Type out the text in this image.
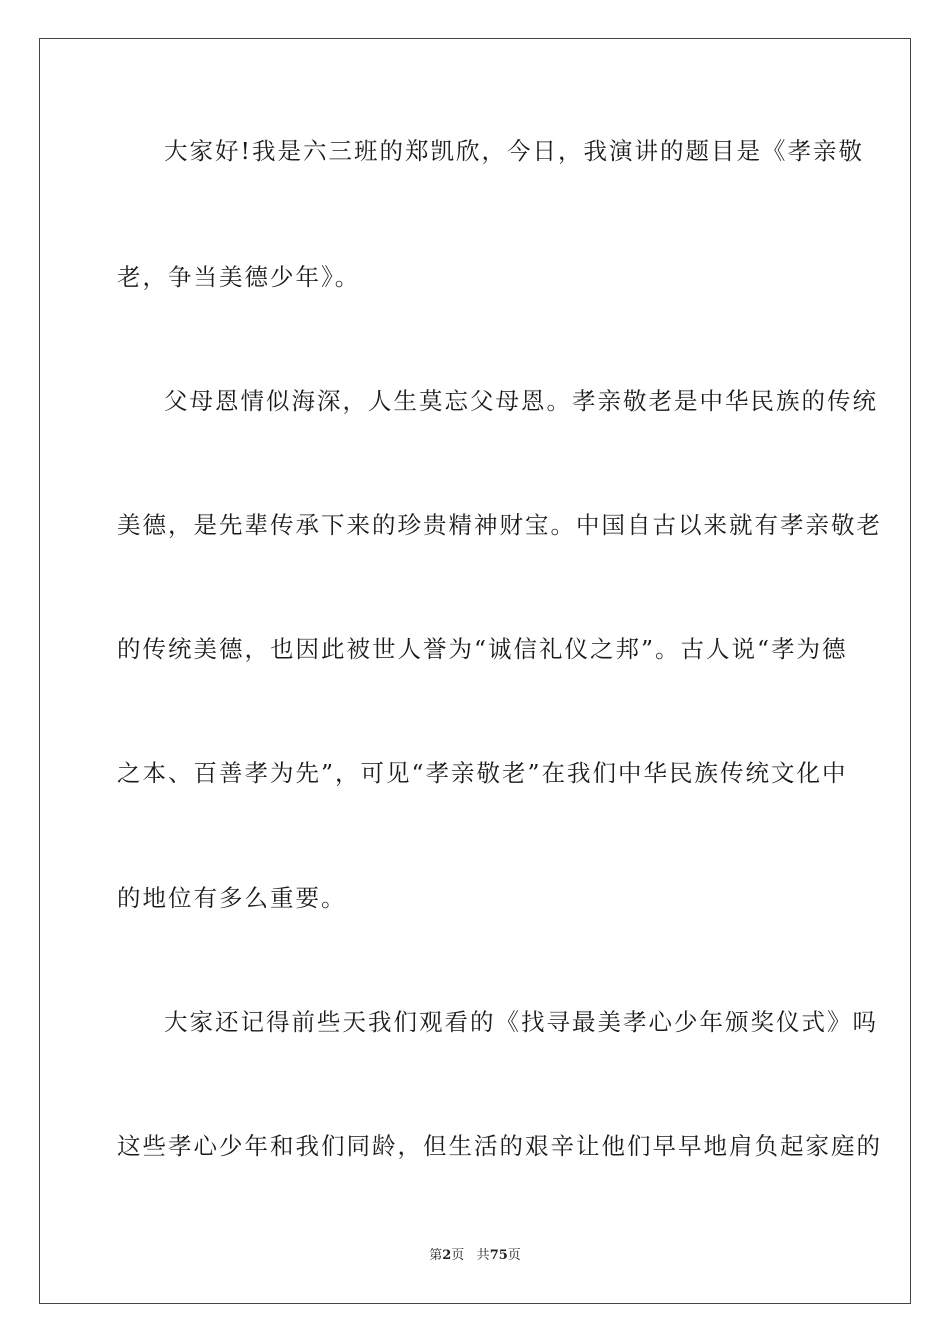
大家好!我是六三班的郑凯欣，今日，我演讲的题目是《孝亲敬
老，争当美德少年》。
父母恩情似海深，人生莫忘父母恩。孝亲敬老是中华民族的传统
美德，是先辈传承下来的珍贵精神财宝。中国自古以来就有孝亲敬老
的传统美德，也因此被世人誉为“诚信礼仪之邦”。古人说“孝为德
之本、百善孝为先”，可见“孝亲敬老”在我们中华民族传统文化中
的地位有多么重要。
大家还记得前些天我们观看的《找寻最美孝心少年颁奖仪式》吗
这些孝心少年和我们同龄，但生活的艰辛让他们早早地肩负起家庭的
第2页 共75页
